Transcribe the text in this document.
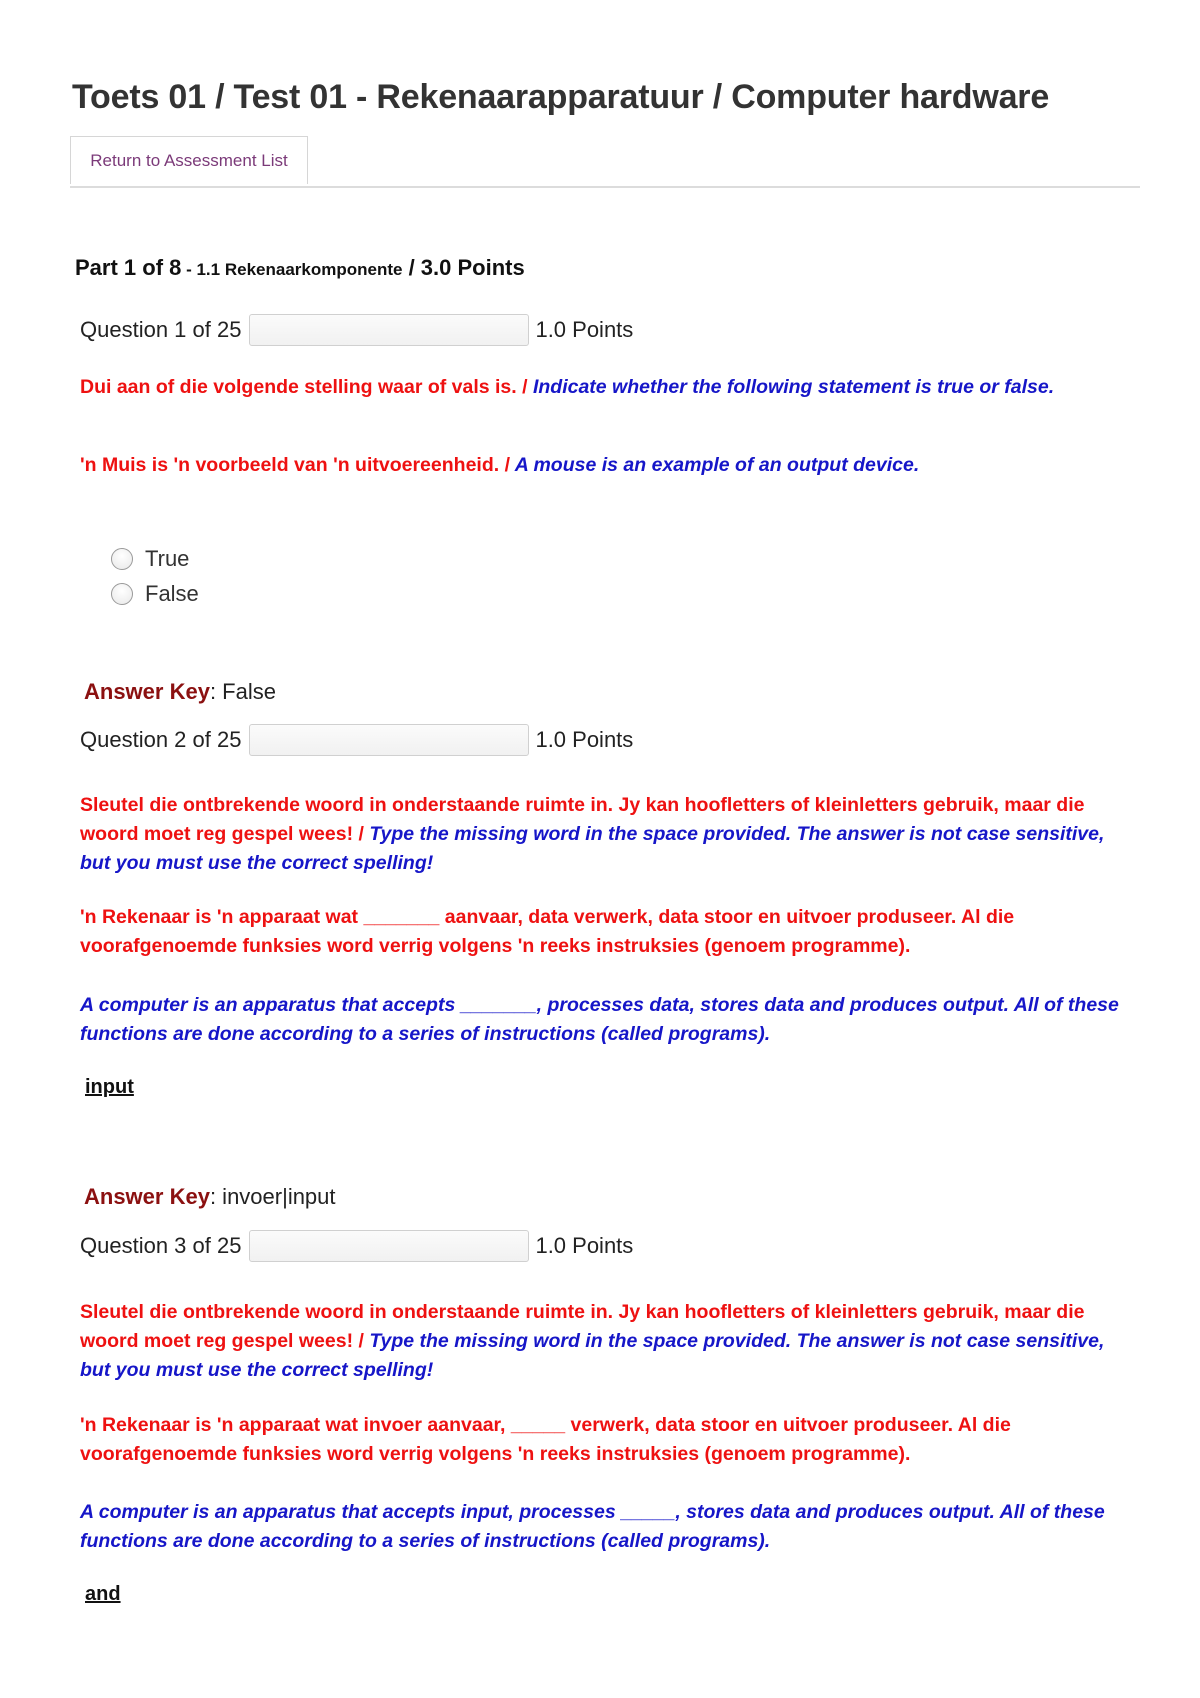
Toets 01 / Test 01 - Rekenaarapparatuur / Computer hardware
Return to Assessment List
Part 1 of 8 - 1.1 Rekenaarkomponente / 3.0 Points
Question 1 of 25	1.0 Points

Dui aan of die volgende stelling waar of vals is. / Indicate whether the following statement is true or false.

'n Muis is 'n voorbeeld van 'n uitvoereenheid. / A mouse is an example of an output device.

True
False
Answer Key: False
Question 2 of 25	1.0 Points

Sleutel die ontbrekende woord in onderstaande ruimte in. Jy kan hoofletters of kleinletters gebruik, maar die woord moet reg gespel wees! / Type the missing word in the space provided. The answer is not case sensitive, but you must use the correct spelling!

'n Rekenaar is 'n apparaat wat _______ aanvaar, data verwerk, data stoor en uitvoer produseer. Al die voorafgenoemde funksies word verrig volgens 'n reeks instruksies (genoem programme).

A computer is an apparatus that accepts _______, processes data, stores data and produces output. All of these functions are done according to a series of instructions (called programs).

input
Answer Key: invoer|input
Question 3 of 25	1.0 Points

Sleutel die ontbrekende woord in onderstaande ruimte in. Jy kan hoofletters of kleinletters gebruik, maar die woord moet reg gespel wees! / Type the missing word in the space provided. The answer is not case sensitive, but you must use the correct spelling!

'n Rekenaar is 'n apparaat wat invoer aanvaar, _____ verwerk, data stoor en uitvoer produseer. Al die voorafgenoemde funksies word verrig volgens 'n reeks instruksies (genoem programme).

A computer is an apparatus that accepts input, processes _____, stores data and produces output. All of these functions are done according to a series of instructions (called programs).

and
